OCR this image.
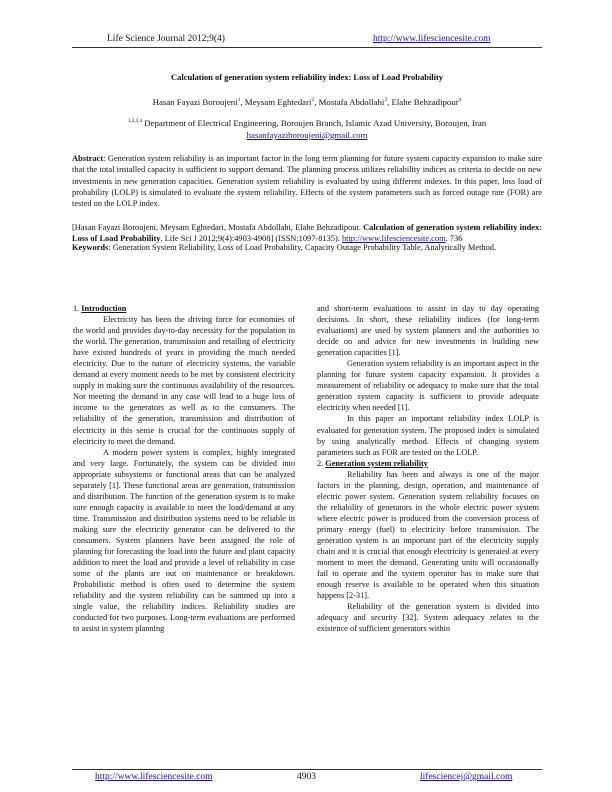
Life Science Journal 2012;9(4)	http://www.lifesciencesite.com
Calculation of generation system reliability index: Loss of Load Probability
Hasan Fayazi Boroujeni$^1$, Meysam Eghtedari$^2$, Mostafa Abdollahi$^3$, Elahe Behzadipour$^4$
$^{1,2,3,4}$ Department of Electrical Engineering, Boroujen Branch, Islamic Azad University, Boroujen, Iran
hasanfayaziboroujeni@gmail.com
Abstract: Generation system reliability is an important factor in the long term planning for future system capacity expansion to make sure that the total installed capacity is sufficient to support demand. The planning process utilizes reliability indices as criteria to decide on new investments in new generation capacities. Generation system reliability is evaluated by using different indexes. In this paper, loss load of probability (LOLP) is simulated to evaluate the system reliability. Effects of the system parameters such as forced outage rate (FOR) are tested on the LOLP index.
[Hasan Fayazi Boroujeni, Meysam Eghtedari, Mostafa Abdollahi, Elahe Behzadipour. Calculation of generation system reliability index: Loss of Load Probability. Life Sci J 2012;9(4):4903-4908] (ISSN:1097-8135). http://www.lifesciencesite.com. 736
Keywords: Generation System Reliability, Loss of Load Probability, Capacity Outage Probability Table, Analytically Method.

1. Introduction

Electricity has been the driving force for economies of the world and provides day-to-day necessity for the population in the world. The generation, transmission and retailing of electricity have existed hundreds of years in providing the much needed electricity. Due to the nature of electricity systems, the variable demand at every moment needs to be met by consistent electricity supply in making sure the continuous availability of the resources. Not meeting the demand in any case will lead to a huge loss of income to the generators as well as to the consumers. The reliability of the generation, transmission and distribution of electricity in this sense is crucial for the continuous supply of electricity to meet the demand.

A modern power system is complex, highly integrated and very large. Fortunately, the system can be divided into appropriate subsystems or functional areas that can be analyzed separately [1]. These functional areas are generation, transmission and distribution. The function of the generation system is to make sure enough capacity is available to meet the load/demand at any time. Transmission and distribution systems need to be reliable in making sure the electricity generator can be delivered to the consumers. System planners have been assigned the role of planning for forecasting the load into the future and plant capacity addition to meet the load and provide a level of reliability in case some of the plants are out on maintenance or breakdown. Probabilistic method is often used to determine the system reliability and the system reliability can be summed up into a single value, the reliability indices. Reliability studies are conducted for two purposes. Long-term evaluations are performed to assist in system planning

and short-term evaluations to assist in day to day operating decisions. In short, these reliability indices (for long-term evaluations) are used by system planners and the authorities to decide on and advice for new investments in building new generation capacities [1].

Generation system reliability is an important aspect in the planning for future system capacity expansion. It provides a measurement of reliability or adequacy to make sure that the total generation system capacity is sufficient to provide adequate electricity when needed [1].

In this paper an important reliability index LOLP is evaluated for generation system. The proposed index is simulated by using analytically method. Effects of changing system parameters such as FOR are tested on the LOLP.

2. Generation system reliability

Reliability has been and always is one of the major factors in the planning, design, operation, and maintenance of electric power system. Generation system reliability focuses on the reliability of generators in the whole electric power system where electric power is produced from the conversion process of primary energy (fuel) to electricity before transmission. The generation system is an important part of the electricity supply chain and it is crucial that enough electricity is generated at every moment to meet the demand. Generating units will occasionally fail to operate and the system operator has to make sure that enough reserve is available to be operated when this situation happens [2-31].

Reliability of the generation system is divided into adequacy and security [32]. System adequacy relates to the existence of sufficient generators within

http://www.lifesciencesite.com	4903	lifesciencej@gmail.com
